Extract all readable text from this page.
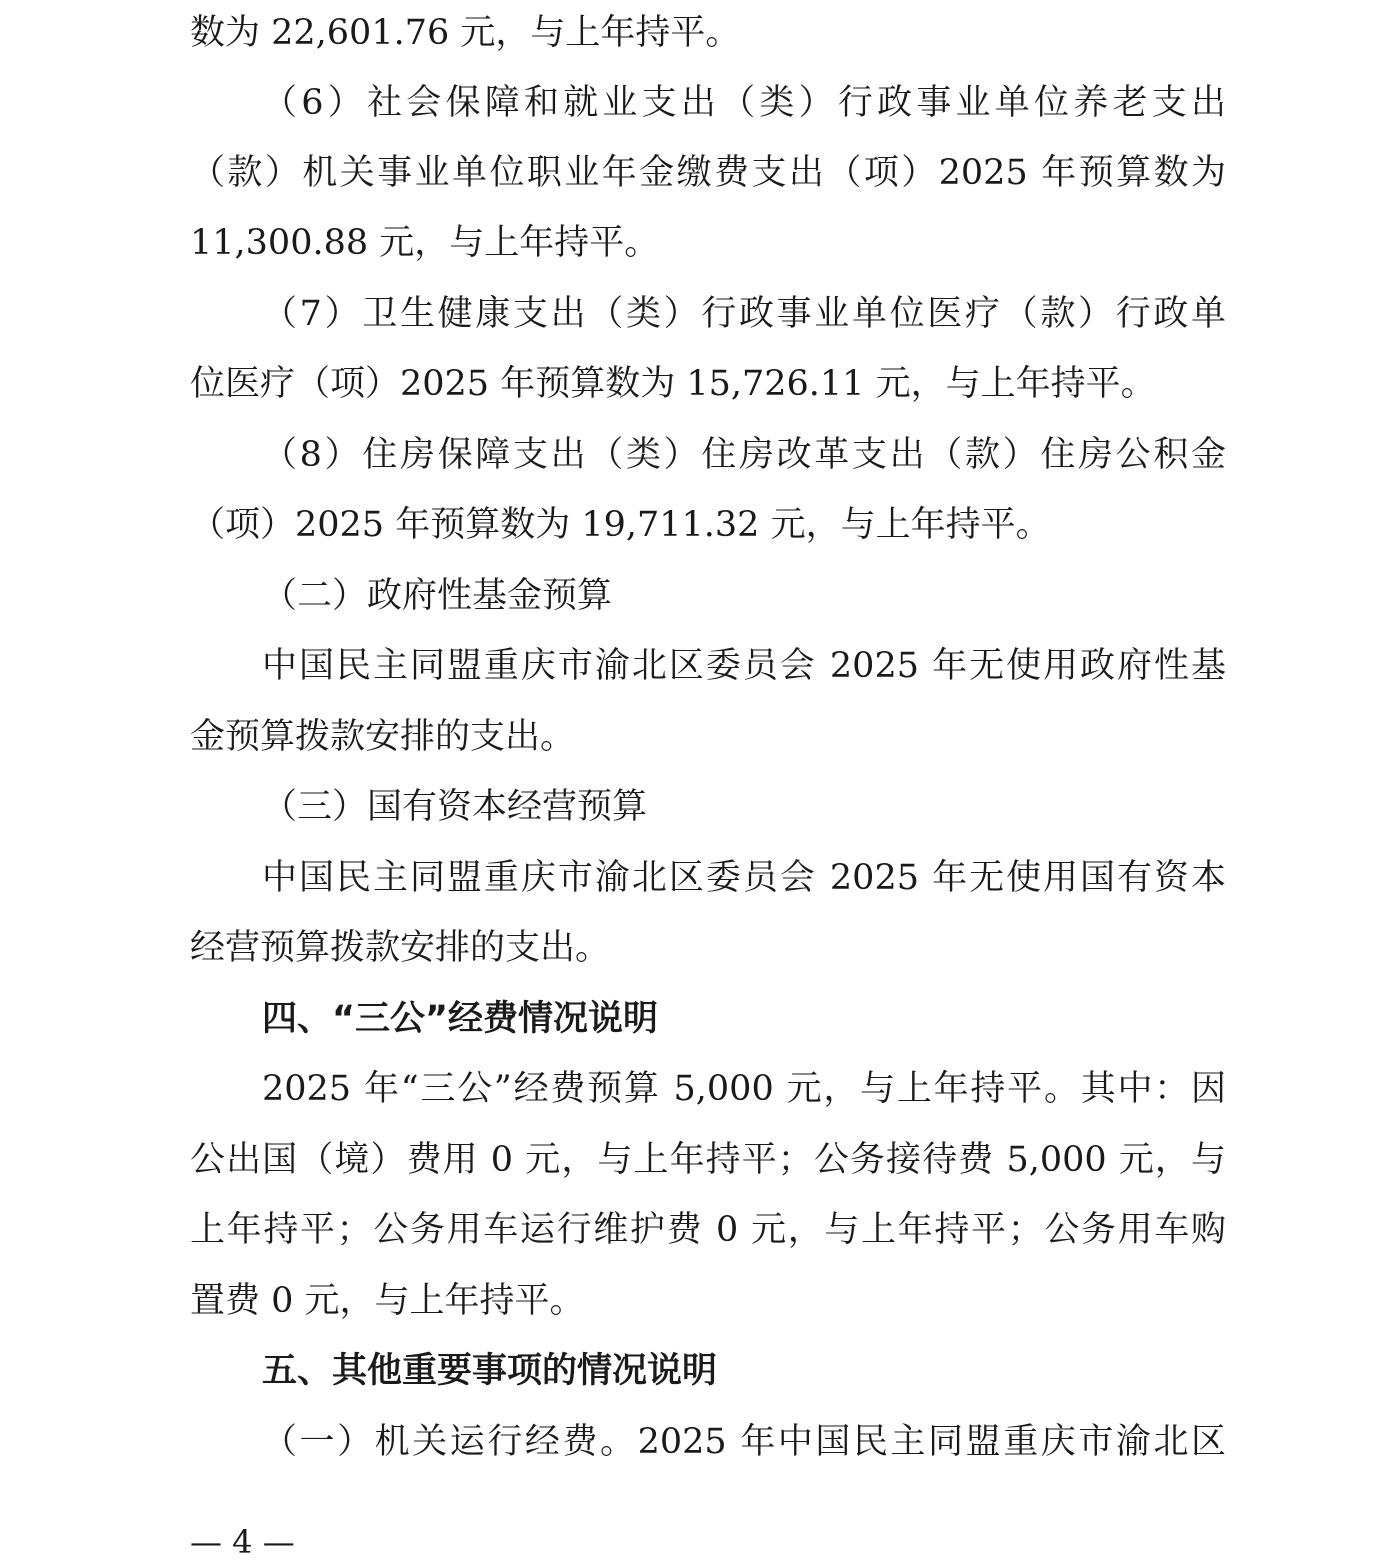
数为 22,601.76 元，与上年持平。
（6）社会保障和就业支出（类）行政事业单位养老支出
（款）机关事业单位职业年金缴费支出（项）2025 年预算数为
11,300.88 元，与上年持平。
（7）卫生健康支出（类）行政事业单位医疗（款）行政单
位医疗（项）2025 年预算数为 15,726.11 元，与上年持平。
（8）住房保障支出（类）住房改革支出（款）住房公积金
（项）2025 年预算数为 19,711.32 元，与上年持平。
（二）政府性基金预算
中国民主同盟重庆市渝北区委员会 2025 年无使用政府性基
金预算拨款安排的支出。
（三）国有资本经营预算
中国民主同盟重庆市渝北区委员会 2025 年无使用国有资本
经营预算拨款安排的支出。
四、“三公”经费情况说明
2025 年“三公”经费预算 5,000 元，与上年持平。其中：因
公出国（境）费用 0 元，与上年持平；公务接待费 5,000 元，与
上年持平；公务用车运行维护费 0 元，与上年持平；公务用车购
置费 0 元，与上年持平。
五、其他重要事项的情况说明
（一）机关运行经费。2025 年中国民主同盟重庆市渝北区
— 4 —
